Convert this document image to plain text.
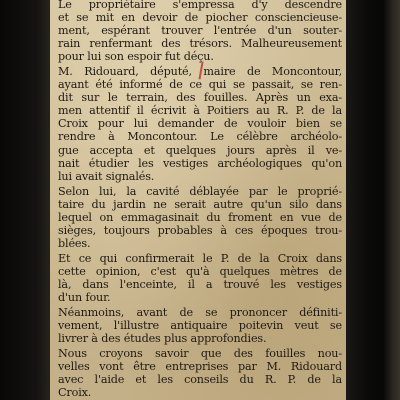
Le propriétaire s'empressa d'y descendre
et se mit en devoir de piocher consciencieuse-
ment, espérant trouver l'entrée d'un souter-
rain renfermant des trésors. Malheureusement
pour lui son espoir fut déçu.
M. Ridouard, député, maire de Moncontour,
ayant été informé de ce qui se passait, se ren-
dit sur le terrain, des fouilles. Après un exa-
men attentif il écrivit à Poitiers au R. P. de la
Croix pour lui demander de vouloir bien se
rendre à Moncontour. Le célèbre archéolo-
gue accepta et quelques jours après il ve-
nait étudier les vestiges archéologiques qu'on
lui avait signalés.
Selon lui, la cavité déblayée par le proprié-
taire du jardin ne serait autre qu'un silo dans
lequel on emmagasinait du froment en vue de
sièges, toujours probables à ces époques trou-
blées.
Et ce qui confirmerait le P. de la Croix dans
cette opinion, c'est qu'à quelques mètres de
là, dans l'enceinte, il a trouvé les vestiges
d'un four.
Néanmoins, avant de se prononcer définiti-
vement, l'illustre antiquaire poitevin veut se
livrer à des études plus approfondies.
Nous croyons savoir que des fouilles nou-
velles vont être entreprises par M. Ridouard
avec l'aide et les conseils du R. P. de la
Croix.
